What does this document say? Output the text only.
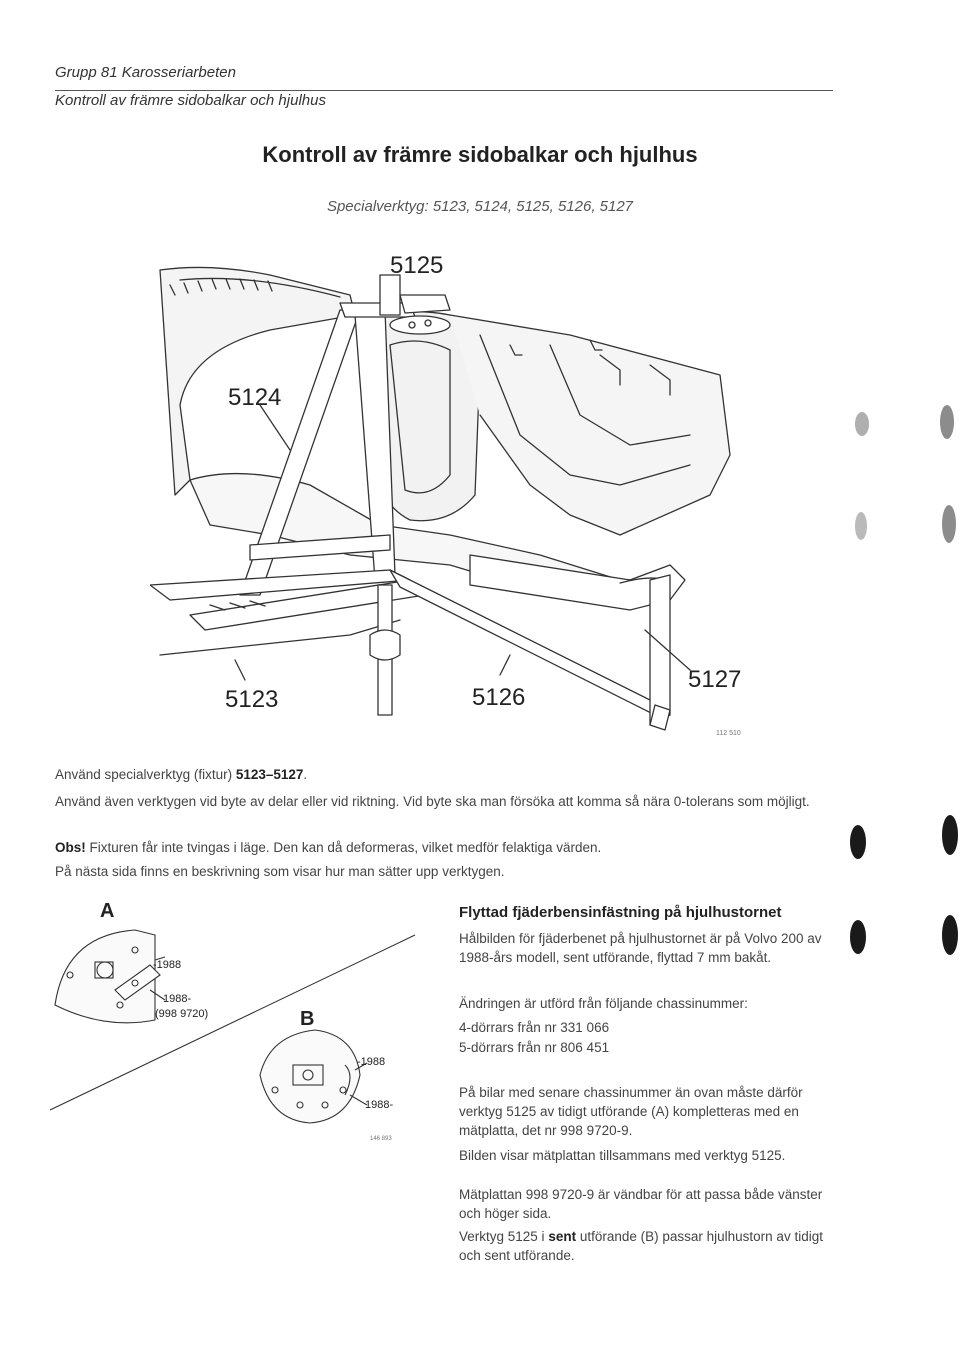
Grupp 81 Karosseriarbeten
Kontroll av främre sidobalkar och hjulhus
Kontroll av främre sidobalkar och hjulhus
Specialverktyg: 5123, 5124, 5125, 5126, 5127
5125
5124
5123	5126
5127
112 510
Använd specialverktyg (fixtur) 5123–5127.
Använd även verktygen vid byte av delar eller vid riktning. Vid byte ska man försöka att komma så nära 0-tolerans som möjligt.
Obs! Fixturen får inte tvingas i läge. Den kan då deformeras, vilket medför felaktiga värden.
På nästa sida finns en beskrivning som visar hur man sätter upp verktygen.
A
B
-1988
1988-
(998 9720)
-1988
1988-
146 893
Flyttad fjäderbensinfästning på hjulhustornet
Hålbilden för fjäderbenet på hjulhustornet är på Volvo 200 av 1988-års modell, sent utförande, flyttad 7 mm bakåt.
Ändringen är utförd från följande chassinummer:
4-dörrars från nr 331 066
5-dörrars från nr 806 451
På bilar med senare chassinummer än ovan måste därför verktyg 5125 av tidigt utförande (A) kompletteras med en mätplatta, det nr 998 9720-9.
Bilden visar mätplattan tillsammans med verktyg 5125.
Mätplattan 998 9720-9 är vändbar för att passa både vänster och höger sida.
Verktyg 5125 i sent utförande (B) passar hjulhustorn av tidigt och sent utförande.
